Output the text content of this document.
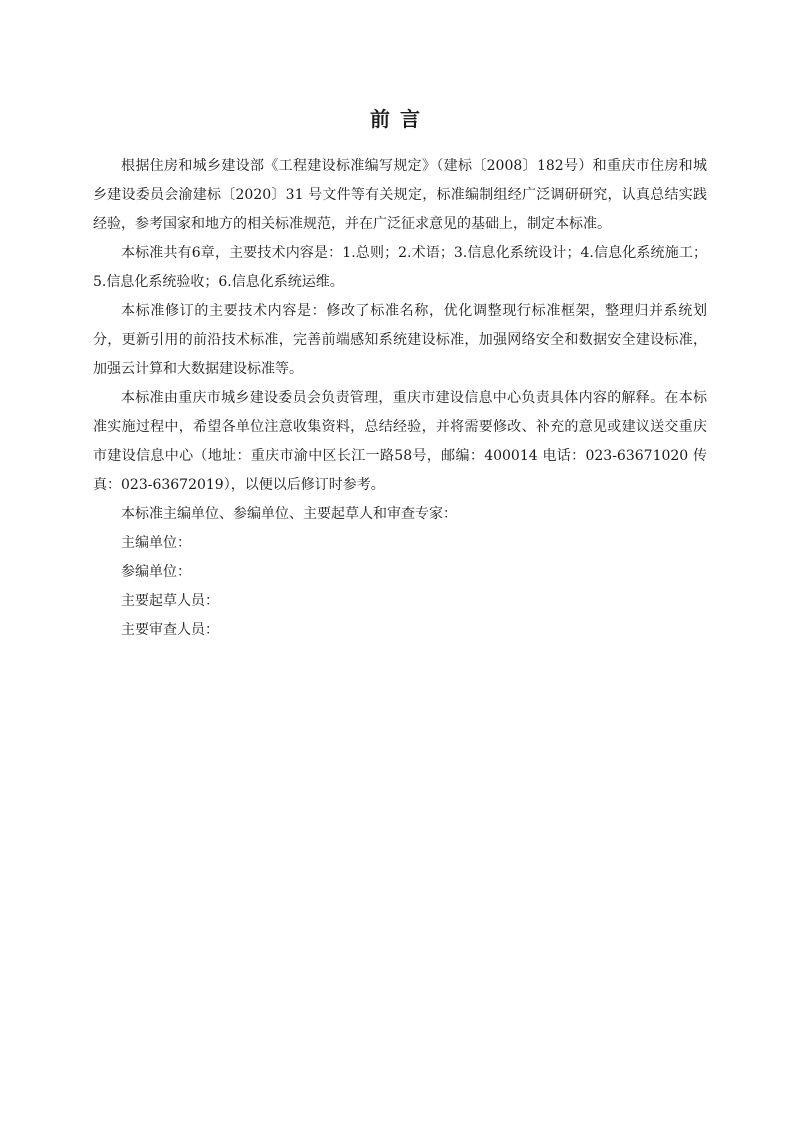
前言

根据住房和城乡建设部《工程建设标准编写规定》（建标〔2008〕182号）和重庆市住房和城乡建设委员会渝建标〔2020〕31 号文件等有关规定，标准编制组经广泛调研研究，认真总结实践经验，参考国家和地方的相关标准规范，并在广泛征求意见的基础上，制定本标准。

本标准共有6章，主要技术内容是：1.总则；2.术语；3.信息化系统设计；4.信息化系统施工；5.信息化系统验收；6.信息化系统运维。

本标准修订的主要技术内容是：修改了标准名称，优化调整现行标准框架，整理归并系统划分，更新引用的前沿技术标准，完善前端感知系统建设标准，加强网络安全和数据安全建设标准，加强云计算和大数据建设标准等。

本标准由重庆市城乡建设委员会负责管理，重庆市建设信息中心负责具体内容的解释。在本标准实施过程中，希望各单位注意收集资料，总结经验，并将需要修改、补充的意见或建议送交重庆市建设信息中心（地址：重庆市渝中区长江一路58号，邮编：400014 电话：023-63671020 传真：023-63672019），以便以后修订时参考。

本标准主编单位、参编单位、主要起草人和审查专家：

主编单位：

参编单位：

主要起草人员：

主要审查人员：
